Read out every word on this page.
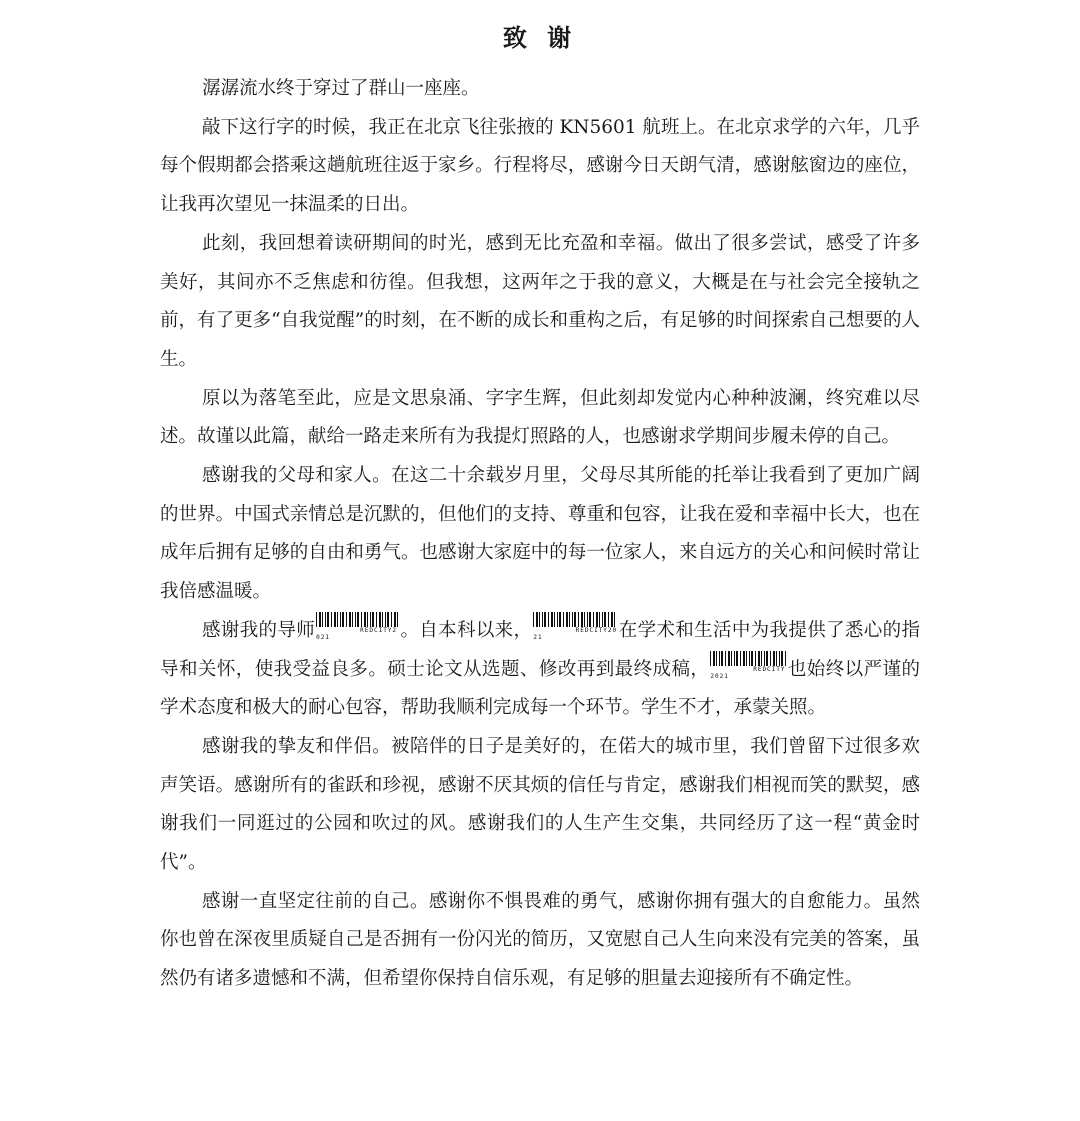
致 谢

潺潺流水终于穿过了群山一座座。

敲下这行字的时候，我正在北京飞往张掖的 KN5601 航班上。在北京求学的六年，几乎每个假期都会搭乘这趟航班往返于家乡。行程将尽，感谢今日天朗气清，感谢舷窗边的座位，让我再次望见一抹温柔的日出。

此刻，我回想着读研期间的时光，感到无比充盈和幸福。做出了很多尝试，感受了许多美好，其间亦不乏焦虑和彷徨。但我想，这两年之于我的意义，大概是在与社会完全接轨之前，有了更多“自我觉醒”的时刻，在不断的成长和重构之后，有足够的时间探索自己想要的人生。

原以为落笔至此，应是文思泉涌、字字生辉，但此刻却发觉内心种种波澜，终究难以尽述。故谨以此篇，献给一路走来所有为我提灯照路的人，也感谢求学期间步履未停的自己。

感谢我的父母和家人。在这二十余载岁月里，父母尽其所能的托举让我看到了更加广阔的世界。中国式亲情总是沉默的，但他们的支持、尊重和包容，让我在爱和幸福中长大，也在成年后拥有足够的自由和勇气。也感谢大家庭中的每一位家人，来自远方的关心和问候时常让我倍感温暖。

感谢我的导师	REDCITY2021	。自本科以来，	REDCITY2021	在学术和生活中为我提供了悉心的指导和关怀，使我受益良多。硕士论文从选题、修改再到最终成稿，	REDCITY2021	也始终以严谨的学术态度和极大的耐心包容，帮助我顺利完成每一个环节。学生不才，承蒙关照。

感谢我的挚友和伴侣。被陪伴的日子是美好的，在偌大的城市里，我们曾留下过很多欢声笑语。感谢所有的雀跃和珍视，感谢不厌其烦的信任与肯定，感谢我们相视而笑的默契，感谢我们一同逛过的公园和吹过的风。感谢我们的人生产生交集，共同经历了这一程“黄金时代”。

感谢一直坚定往前的自己。感谢你不惧畏难的勇气，感谢你拥有强大的自愈能力。虽然你也曾在深夜里质疑自己是否拥有一份闪光的简历，又宽慰自己人生向来没有完美的答案，虽然仍有诸多遗憾和不满，但希望你保持自信乐观，有足够的胆量去迎接所有不确定性。
